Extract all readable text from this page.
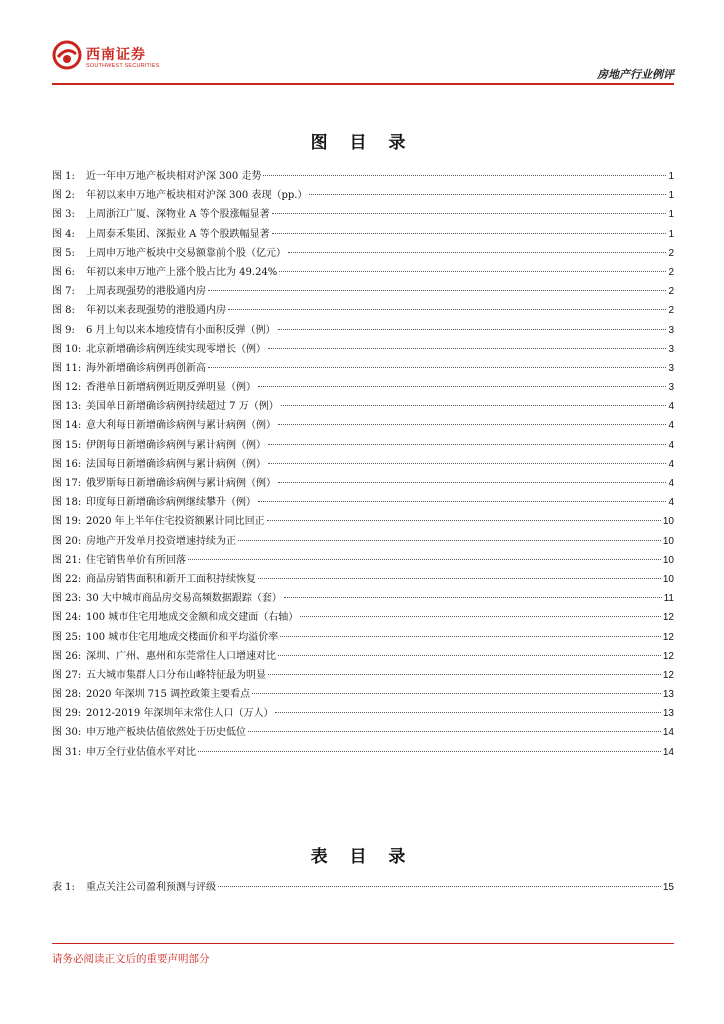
西南证券
SOUTHWEST SECURITIES
房地产行业例评
图 目 录
图 1:	近一年申万地产板块相对沪深 300 走势	1
图 2:	年初以来申万地产板块相对沪深 300 表现（pp.）	1
图 3:	上周浙江广厦、深物业 A 等个股涨幅显著	1
图 4:	上周泰禾集团、深振业 A 等个股跌幅显著	1
图 5:	上周申万地产板块中交易额靠前个股（亿元）	2
图 6:	年初以来申万地产上涨个股占比为 49.24%	2
图 7:	上周表现强势的港股通内房	2
图 8:	年初以来表现强势的港股通内房	2
图 9:	6 月上旬以来本地疫情有小面积反弹（例）	3
图 10: 北京新增确诊病例连续实现零增长（例）	3
图 11: 海外新增确诊病例再创新高	3
图 12: 香港单日新增病例近期反弹明显（例）	3
图 13: 美国单日新增确诊病例持续超过 7 万（例）	4
图 14: 意大利每日新增确诊病例与累计病例（例）	4
图 15: 伊朗每日新增确诊病例与累计病例（例）	4
图 16: 法国每日新增确诊病例与累计病例（例）	4
图 17: 俄罗斯每日新增确诊病例与累计病例（例）	4
图 18: 印度每日新增确诊病例继续攀升（例）	4
图 19: 2020 年上半年住宅投资额累计同比回正	10
图 20: 房地产开发单月投资增速持续为正	10
图 21: 住宅销售单价有所回落	10
图 22: 商品房销售面积和新开工面积持续恢复	10
图 23: 30 大中城市商品房交易高频数据跟踪（套）	11
图 24: 100 城市住宅用地成交金额和成交建面（右轴）	12
图 25: 100 城市住宅用地成交楼面价和平均溢价率	12
图 26: 深圳、广州、惠州和东莞常住人口增速对比	12
图 27: 五大城市集群人口分布山峰特征最为明显	12
图 28: 2020 年深圳 715 调控政策主要看点	13
图 29: 2012-2019 年深圳年末常住人口（万人）	13
图 30: 申万地产板块估值依然处于历史低位	14
图 31: 申万全行业估值水平对比	14
表 目 录
表 1:	重点关注公司盈利预测与评级	15
请务必阅读正文后的重要声明部分
